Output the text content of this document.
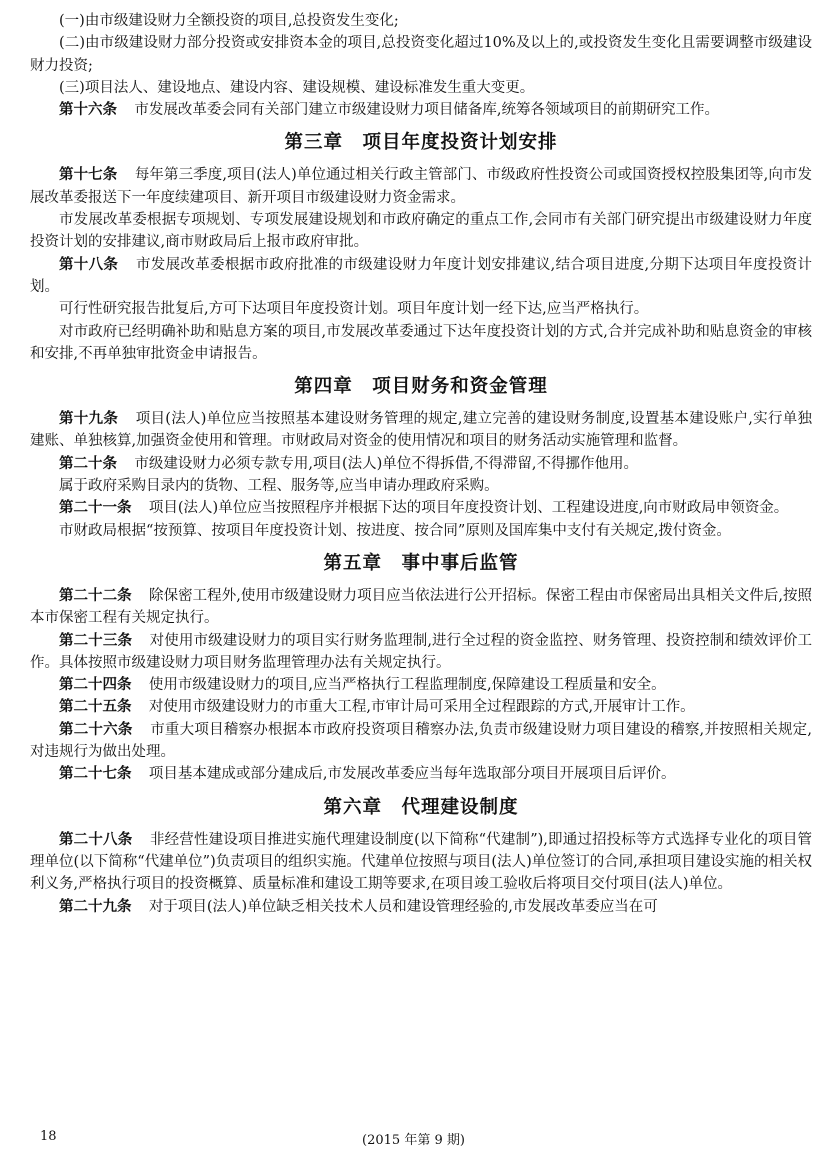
(一)由市级建设财力全额投资的项目,总投资发生变化;

(二)由市级建设财力部分投资或安排资本金的项目,总投资变化超过10%及以上的,或投资发生变化且需要调整市级建设财力投资;

(三)项目法人、建设地点、建设内容、建设规模、建设标准发生重大变更。

第十六条 市发展改革委会同有关部门建立市级建设财力项目储备库,统筹各领域项目的前期研究工作。

第三章　项目年度投资计划安排

第十七条 每年第三季度,项目(法人)单位通过相关行政主管部门、市级政府性投资公司或国资授权控股集团等,向市发展改革委报送下一年度续建项目、新开项目市级建设财力资金需求。

市发展改革委根据专项规划、专项发展建设规划和市政府确定的重点工作,会同市有关部门研究提出市级建设财力年度投资计划的安排建议,商市财政局后上报市政府审批。

第十八条 市发展改革委根据市政府批准的市级建设财力年度计划安排建议,结合项目进度,分期下达项目年度投资计划。

可行性研究报告批复后,方可下达项目年度投资计划。项目年度计划一经下达,应当严格执行。

对市政府已经明确补助和贴息方案的项目,市发展改革委通过下达年度投资计划的方式,合并完成补助和贴息资金的审核和安排,不再单独审批资金申请报告。

第四章　项目财务和资金管理

第十九条 项目(法人)单位应当按照基本建设财务管理的规定,建立完善的建设财务制度,设置基本建设账户,实行单独建账、单独核算,加强资金使用和管理。市财政局对资金的使用情况和项目的财务活动实施管理和监督。

第二十条 市级建设财力必须专款专用,项目(法人)单位不得拆借,不得滞留,不得挪作他用。

属于政府采购目录内的货物、工程、服务等,应当申请办理政府采购。

第二十一条 项目(法人)单位应当按照程序并根据下达的项目年度投资计划、工程建设进度,向市财政局申领资金。

市财政局根据“按预算、按项目年度投资计划、按进度、按合同”原则及国库集中支付有关规定,拨付资金。

第五章　事中事后监管

第二十二条 除保密工程外,使用市级建设财力项目应当依法进行公开招标。保密工程由市保密局出具相关文件后,按照本市保密工程有关规定执行。

第二十三条 对使用市级建设财力的项目实行财务监理制,进行全过程的资金监控、财务管理、投资控制和绩效评价工作。具体按照市级建设财力项目财务监理管理办法有关规定执行。

第二十四条 使用市级建设财力的项目,应当严格执行工程监理制度,保障建设工程质量和安全。

第二十五条 对使用市级建设财力的市重大工程,市审计局可采用全过程跟踪的方式,开展审计工作。

第二十六条 市重大项目稽察办根据本市政府投资项目稽察办法,负责市级建设财力项目建设的稽察,并按照相关规定,对违规行为做出处理。

第二十七条 项目基本建成或部分建成后,市发展改革委应当每年选取部分项目开展项目后评价。

第六章　代理建设制度

第二十八条 非经营性建设项目推进实施代理建设制度(以下简称“代建制”),即通过招投标等方式选择专业化的项目管理单位(以下简称“代建单位”)负责项目的组织实施。代建单位按照与项目(法人)单位签订的合同,承担项目建设实施的相关权利义务,严格执行项目的投资概算、质量标准和建设工期等要求,在项目竣工验收后将项目交付项目(法人)单位。

第二十九条 对于项目(法人)单位缺乏相关技术人员和建设管理经验的,市发展改革委应当在可

18	(2015 年第 9 期)
